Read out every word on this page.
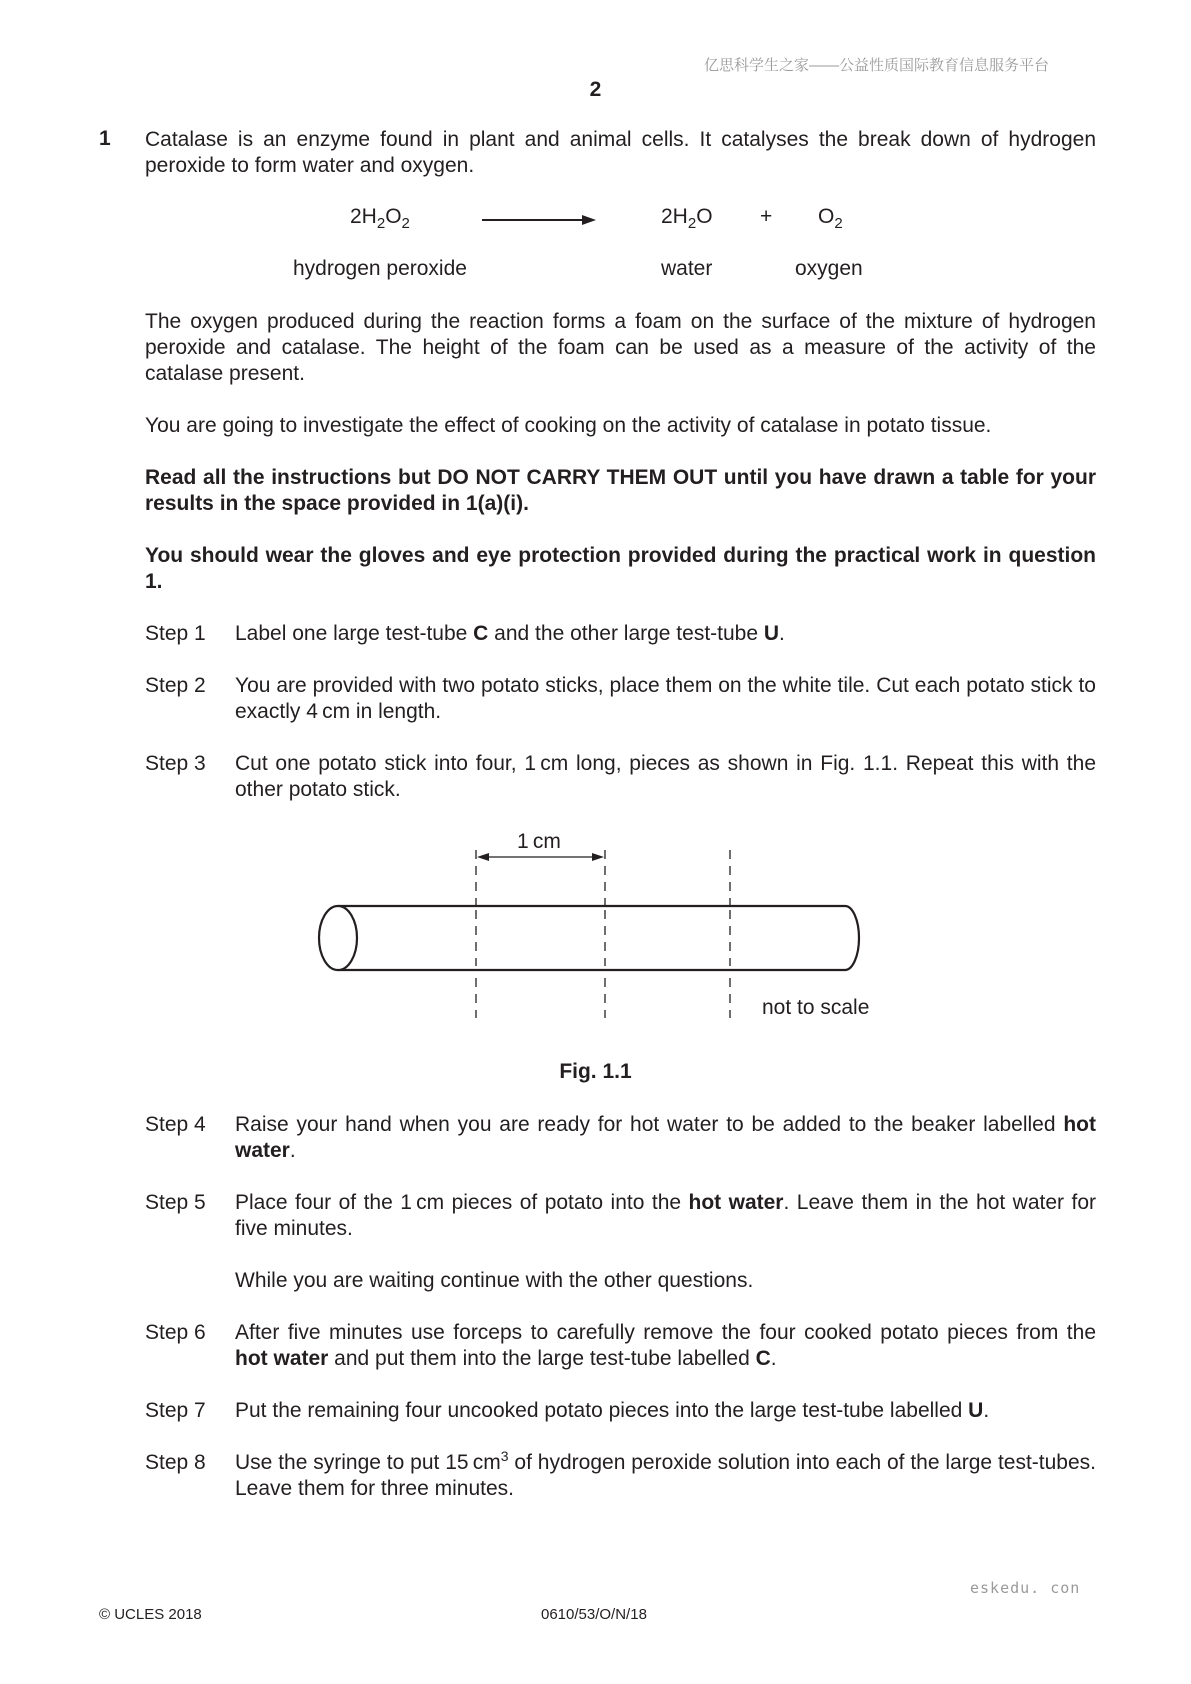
亿思科学生之家——公益性质国际教育信息服务平台
2
1 Catalase is an enzyme found in plant and animal cells. It catalyses the break down of hydrogen peroxide to form water and oxygen.

$2H_2O_2$	$2H_2O + O_2$
hydrogen peroxide	water	oxygen

The oxygen produced during the reaction forms a foam on the surface of the mixture of hydrogen peroxide and catalase. The height of the foam can be used as a measure of the activity of the catalase present.

You are going to investigate the effect of cooking on the activity of catalase in potato tissue.

Read all the instructions but DO NOT CARRY THEM OUT until you have drawn a table for your results in the space provided in 1(a)(i).

You should wear the gloves and eye protection provided during the practical work in question 1.

Step 1 Label one large test-tube C and the other large test-tube U.

Step 2 You are provided with two potato sticks, place them on the white tile. Cut each potato stick to exactly 4 cm in length.

Step 3 Cut one potato stick into four, 1 cm long, pieces as shown in Fig. 1.1. Repeat this with the other potato stick.

1 cm
not to scale
Fig. 1.1
Step 4 Raise your hand when you are ready for hot water to be added to the beaker labelled hot water.

Step 5 Place four of the 1 cm pieces of potato into the hot water. Leave them in the hot water for five minutes.

While you are waiting continue with the other questions.

Step 6 After five minutes use forceps to carefully remove the four cooked potato pieces from the hot water and put them into the large test-tube labelled C.

Step 7 Put the remaining four uncooked potato pieces into the large test-tube labelled U.

Step 8 Use the syringe to put 15 $cm^3$ of hydrogen peroxide solution into each of the large test-tubes. Leave them for three minutes.

eskedu. con
© UCLES 2018	0610/53/O/N/18
